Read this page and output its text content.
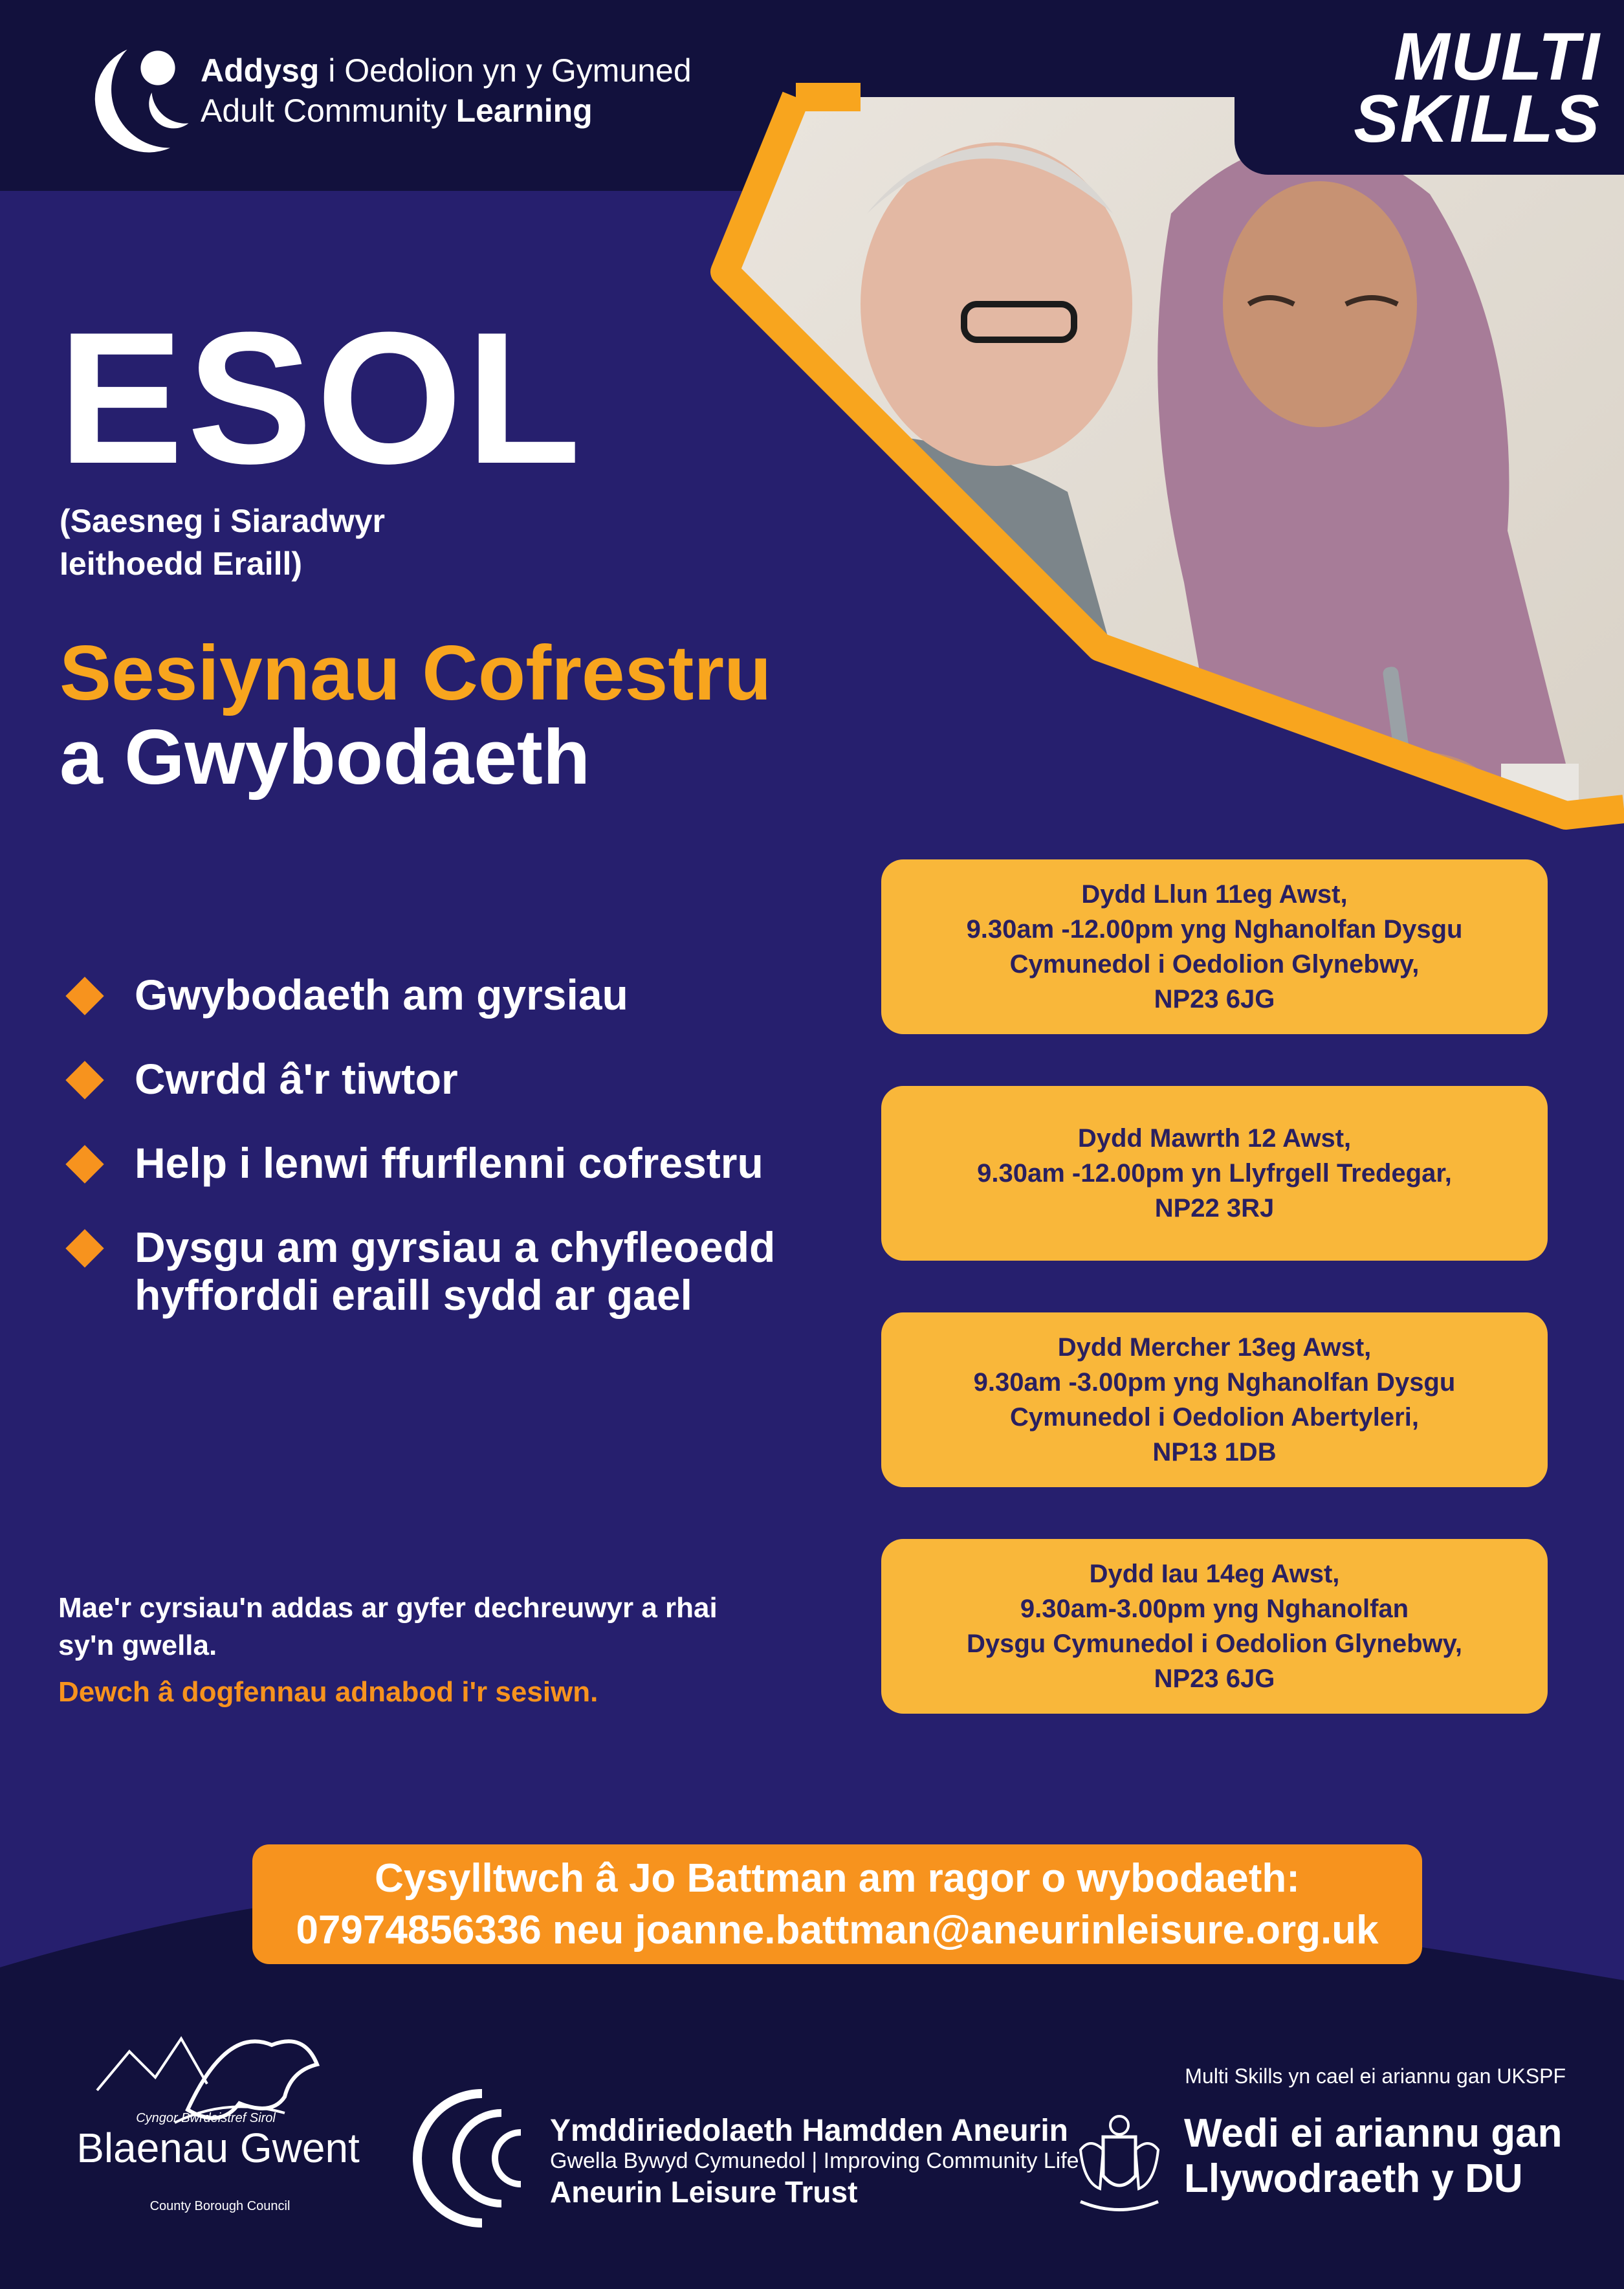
Addysg i Oedolion yn y Gymuned
Adult Community Learning
MULTI
SKILLS
ESOL
(Saesneg i Siaradwyr
Ieithoedd Eraill)
Sesiynau Cofrestru
a Gwybodaeth
Gwybodaeth am gyrsiau
Cwrdd â'r tiwtor
Help i lenwi ffurflenni cofrestru
Dysgu am gyrsiau a chyfleoedd
hyfforddi eraill sydd ar gael
Dydd Llun 11eg Awst,
9.30am -12.00pm yng Nghanolfan Dysgu
Cymunedol i Oedolion Glynebwy,
NP23 6JG
Dydd Mawrth 12 Awst,
9.30am -12.00pm yn Llyfrgell Tredegar,
NP22 3RJ
Dydd Mercher 13eg Awst,
9.30am -3.00pm yng Nghanolfan Dysgu
Cymunedol i Oedolion Abertyleri,
NP13 1DB
Dydd Iau 14eg Awst,
9.30am-3.00pm yng Nghanolfan
Dysgu Cymunedol i Oedolion Glynebwy,
NP23 6JG
Mae'r cyrsiau'n addas ar gyfer dechreuwyr a rhai
sy'n gwella.
Dewch â dogfennau adnabod i'r sesiwn.
Cysylltwch â Jo Battman am ragor o wybodaeth:
07974856336 neu joanne.battman@aneurinleisure.org.uk
Cyngor Bwrdeistref Sirol
Blaenau Gwent
County Borough Council
Ymddiriedolaeth Hamdden Aneurin
Gwella Bywyd Cymunedol | Improving Community Life
Aneurin Leisure Trust
Multi Skills yn cael ei ariannu gan UKSPF
Wedi ei ariannu gan
Llywodraeth y DU
